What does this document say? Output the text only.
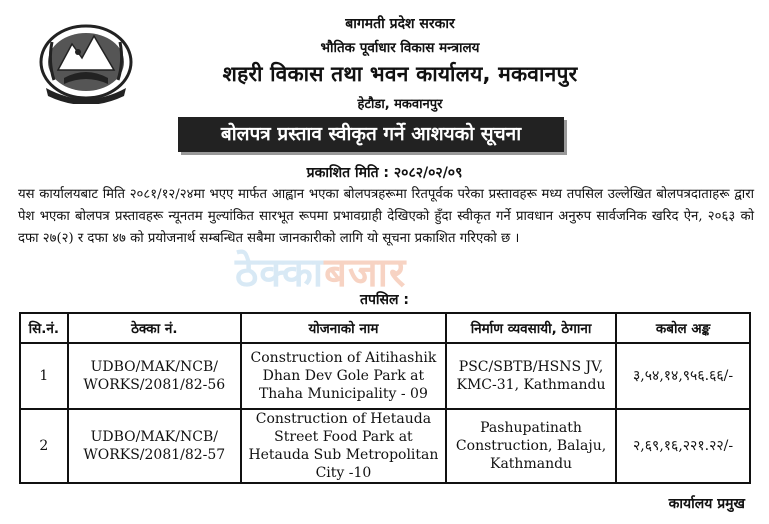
बागमती प्रदेश सरकार
भौतिक पूर्वाधार विकास मन्त्रालय
शहरी विकास तथा भवन कार्यालय, मकवानपुर
हेटौडा, मकवानपुर
बोलपत्र प्रस्ताव स्वीकृत गर्ने आशयको सूचना
प्रकाशित मिति : २०८२/०२/०९
ठेक्काबजार
यस कार्यालयबाट मिति २०८१/१२/२४मा भएए मार्फत आह्वान भएका बोलपत्रहरूमा रितपूर्वक परेका प्रस्तावहरू मध्य तपसिल उल्लेखित बोलपत्रदाताहरू द्वारा पेश भएका बोलपत्र प्रस्तावहरू न्यूनतम मुल्यांकित सारभूत रूपमा प्रभावग्राही देखिएको हुँदा स्वीकृत गर्ने प्रावधान अनुरुप सार्वजनिक खरिद ऐन, २०६३ को दफा २७(२) र दफा ४७ को प्रयोजनार्थ सम्बन्धित सबैमा जानकारीको लागि यो सूचना प्रकाशित गरिएको छ ।
तपसिल :
सि.नं.	ठेक्का नं.	योजनाको नाम	निर्माण व्यवसायी, ठेगाना	कबोल अङ्क
1	UDBO/MAK/NCB/ WORKS/2081/82-56	Construction of Aitihashik Dhan Dev Gole Park at Thaha Municipality - 09	PSC/SBTB/HSNS JV, KMC-31, Kathmandu	३,५४,१४,९५६.६६/-
2	UDBO/MAK/NCB/ WORKS/2081/82-57	Construction of Hetauda Street Food Park at Hetauda Sub Metropolitan City -10	Pashupatinath Construction, Balaju, Kathmandu	२,६९,१६,२२१.२२/-
कार्यालय प्रमुख
